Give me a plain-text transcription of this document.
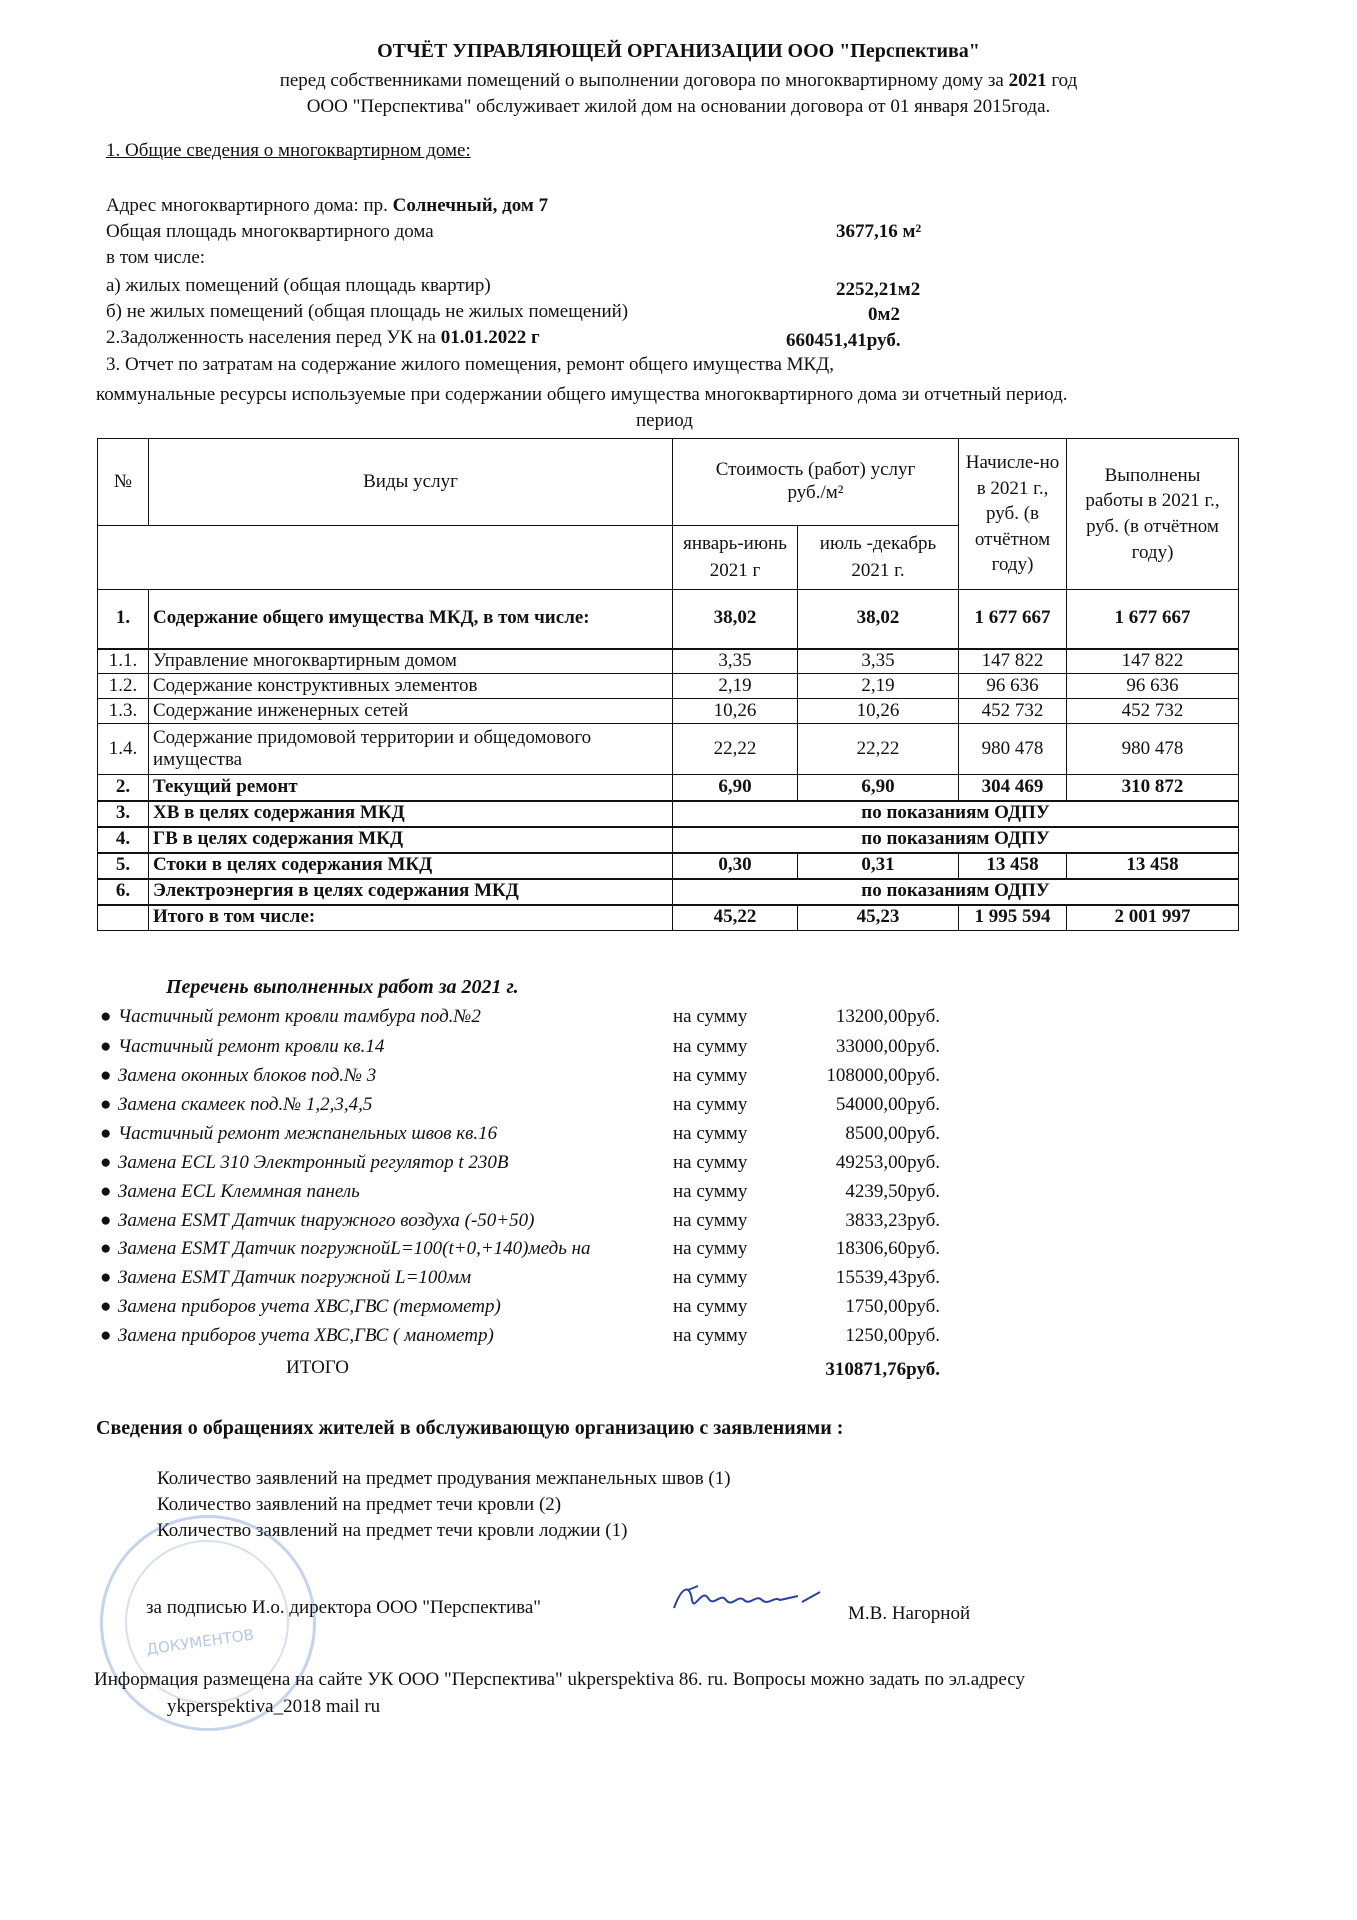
ОТЧЁТ УПРАВЛЯЮЩЕЙ ОРГАНИЗАЦИИ ООО "Перспектива"
перед собственниками помещений о выполнении договора по многоквартирному дому за 2021 год
ООО "Перспектива" обслуживает жилой дом на основании договора от 01 января 2015года.
1. Общие сведения о многоквартирном доме:
Адрес многоквартирного дома: пр. Солнечный, дом 7
Общая площадь многоквартирного дома	3677,16 м²
в том числе:
а) жилых помещений (общая площадь квартир)	2252,21м2
б) не жилых помещений (общая площадь не жилых помещений)	0м2
2.Задолженность населения перед УК на 01.01.2022 г	660451,41руб.
3. Отчет по затратам на содержание жилого помещения, ремонт общего имущества МКД,
коммунальные ресурсы используемые при содержании общего имущества многоквартирного дома зи отчетный период.
период
№	Виды услуг	Стоимость (работ) услуг руб./м²		Начисле-но в 2021 г., руб. (в отчётном году)	Выполнены работы в 2021 г., руб. (в отчётном году)
		январь-июнь 2021 г	июль -декабрь 2021 г.		
1.	Содержание общего имущества МКД, в том числе:	38,02	38,02	1 677 667	1 677 667
1.1.	Управление многоквартирным домом	3,35	3,35	147 822	147 822
1.2.	Содержание конструктивных элементов	2,19	2,19	96 636	96 636
1.3.	Содержание инженерных сетей	10,26	10,26	452 732	452 732
1.4.	Содержание придомовой территории и общедомового имущества	22,22	22,22	980 478	980 478
2.	Текущий ремонт	6,90	6,90	304 469	310 872
3.	ХВ в целях содержания МКД	по показаниям ОДПУ			
4.	ГВ в целях содержания МКД	по показаниям ОДПУ			
5.	Стоки в целях содержания МКД	0,30	0,31	13 458	13 458
6.	Электроэнергия в целях содержания МКД	по показаниям ОДПУ			
	Итого в том числе:	45,22	45,23	1 995 594	2 001 997
Перечень выполненных работ за 2021 г.
● Частичный ремонт кровли тамбура под.№2	на сумму	13200,00руб.
● Частичный ремонт кровли кв.14	на сумму	33000,00руб.
● Замена оконных блоков под.№ 3	на сумму	108000,00руб.
● Замена скамеек под.№ 1,2,3,4,5	на сумму	54000,00руб.
● Частичный ремонт межпанельных швов кв.16	на сумму	8500,00руб.
● Замена ECL 310 Электронный регулятор t 230В	на сумму	49253,00руб.
● Замена ECL Клеммная панель	на сумму	4239,50руб.
● Замена ESMT Датчик tнаружного воздуха (-50+50)	на сумму	3833,23руб.
● Замена ESMT Датчик погружнойL=100(t+0,+140)медь на	на сумму	18306,60руб.
● Замена ESMT Датчик погружной L=100мм	на сумму	15539,43руб.
● Замена приборов учета ХВС,ГВС (термометр)	на сумму	1750,00руб.
● Замена приборов учета ХВС,ГВС ( манометр)	на сумму	1250,00руб.
ИТОГО	310871,76руб.
Сведения о обращениях жителей в обслуживающую организацию с заявлениями :
Количество заявлений на предмет продувания межпанельных швов (1)
Количество заявлений на предмет течи кровли (2)
Количество заявлений на предмет течи кровли лоджии (1)
ДОКУМЕНТОВ
за подписью И.о. директора ООО "Перспектива"	М.В. Нагорной
Информация размещена на сайте УК ООО "Перспектива" ukperspektiva 86. ru. Вопросы можно задать по эл.адресу
ykperspektiva_2018 mail ru
